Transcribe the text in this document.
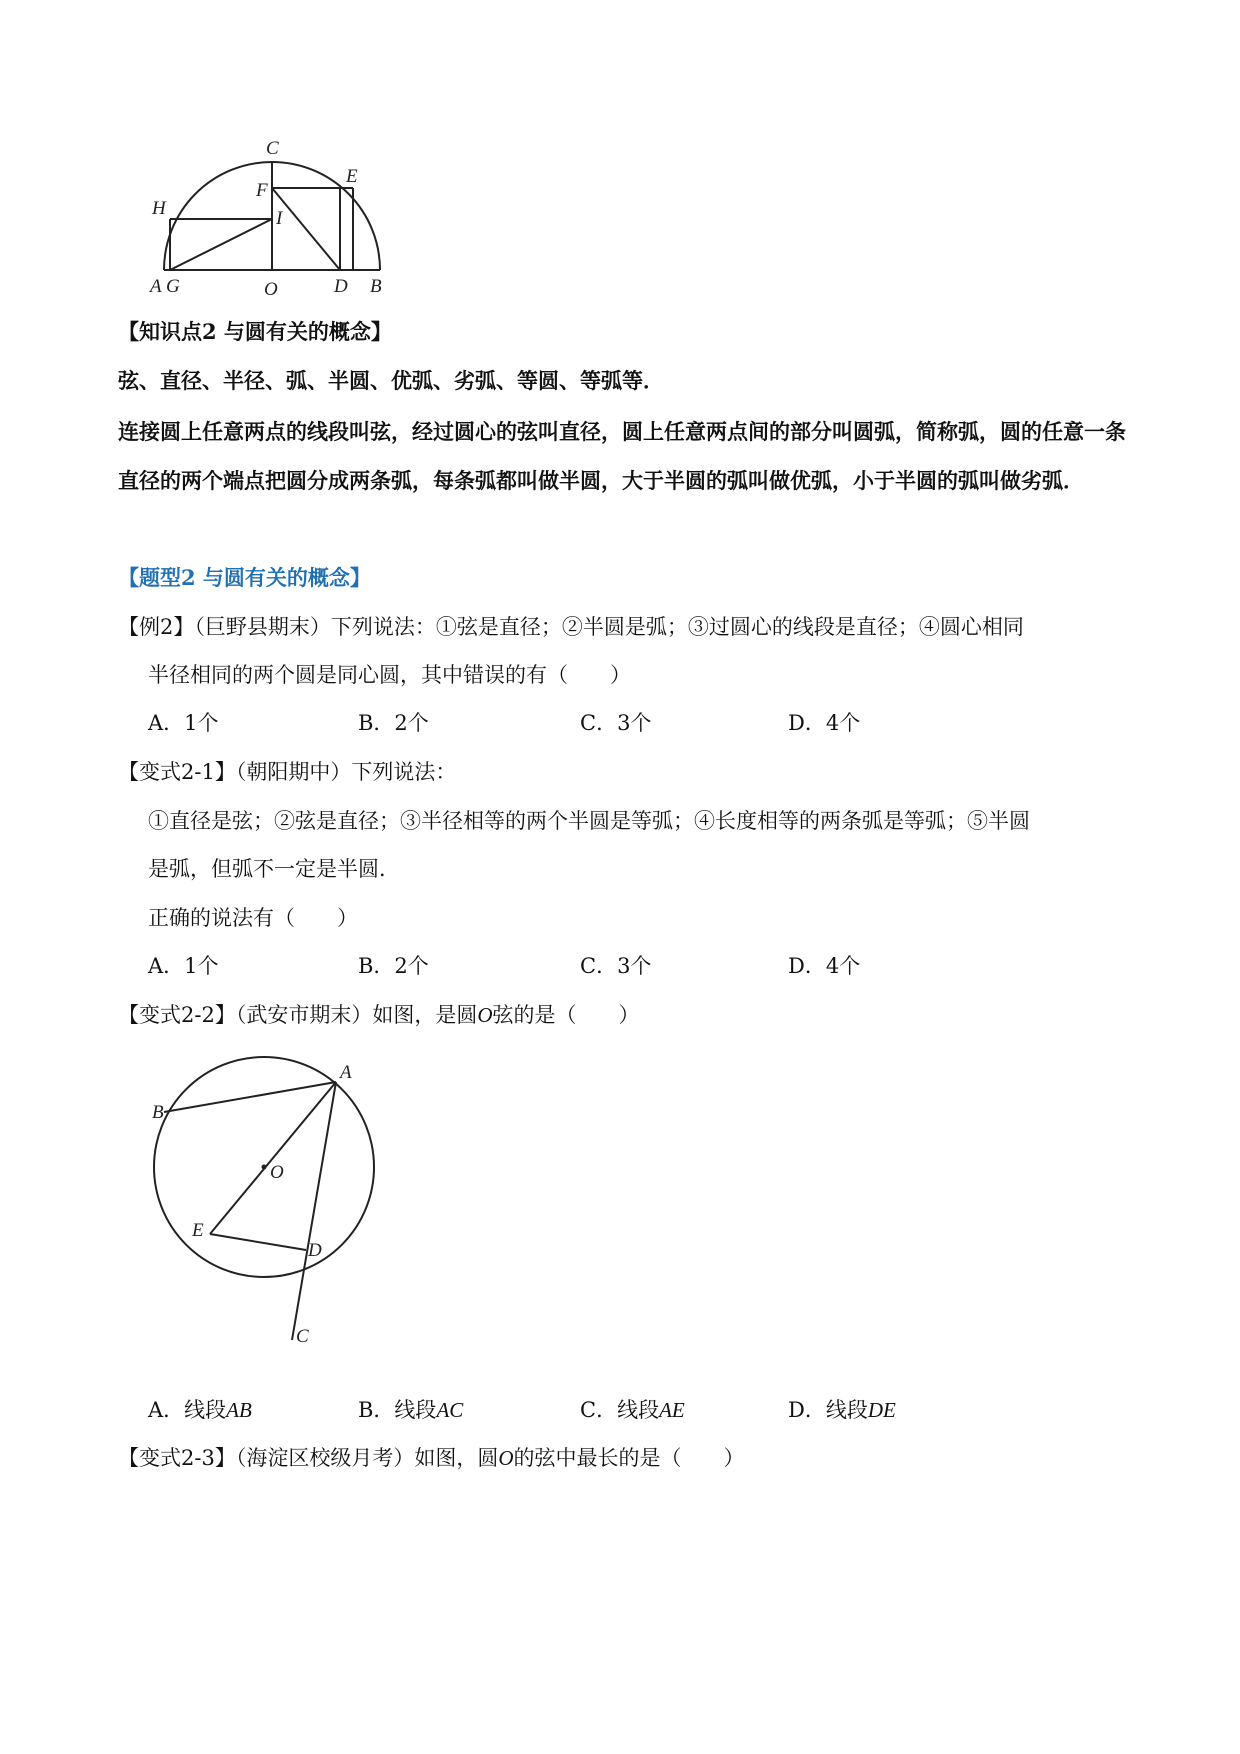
C
E
F
I
H
A G	O	D B
【知识点2 与圆有关的概念】
弦、直径、半径、弧、半圆、优弧、劣弧、等圆、等弧等．
连接圆上任意两点的线段叫弦，经过圆心的弦叫直径，圆上任意两点间的部分叫圆弧，简称弧，圆的任意一条直径的两个端点把圆分成两条弧，每条弧都叫做半圆，大于半圆的弧叫做优弧，小于半圆的弧叫做劣弧．
【题型2 与圆有关的概念】
【例2】（巨野县期末）下列说法：①弦是直径；②半圆是弧；③过圆心的线段是直径；④圆心相同
半径相同的两个圆是同心圆，其中错误的有（　　）
A．1个	B．2个	C．3个	D．4个
【变式2-1】（朝阳期中）下列说法：
①直径是弦；②弦是直径；③半径相等的两个半圆是等弧；④长度相等的两条弧是等弧；⑤半圆
是弧，但弧不一定是半圆．
正确的说法有（　　）
A．1个	B．2个	C．3个	D．4个
【变式2-2】（武安市期末）如图，是圆O弦的是（　　）
A
B
O
E
D
C
A．线段AB	B．线段AC	C．线段AE	D．线段DE
【变式2-3】（海淀区校级月考）如图，圆O的弦中最长的是（　　）
